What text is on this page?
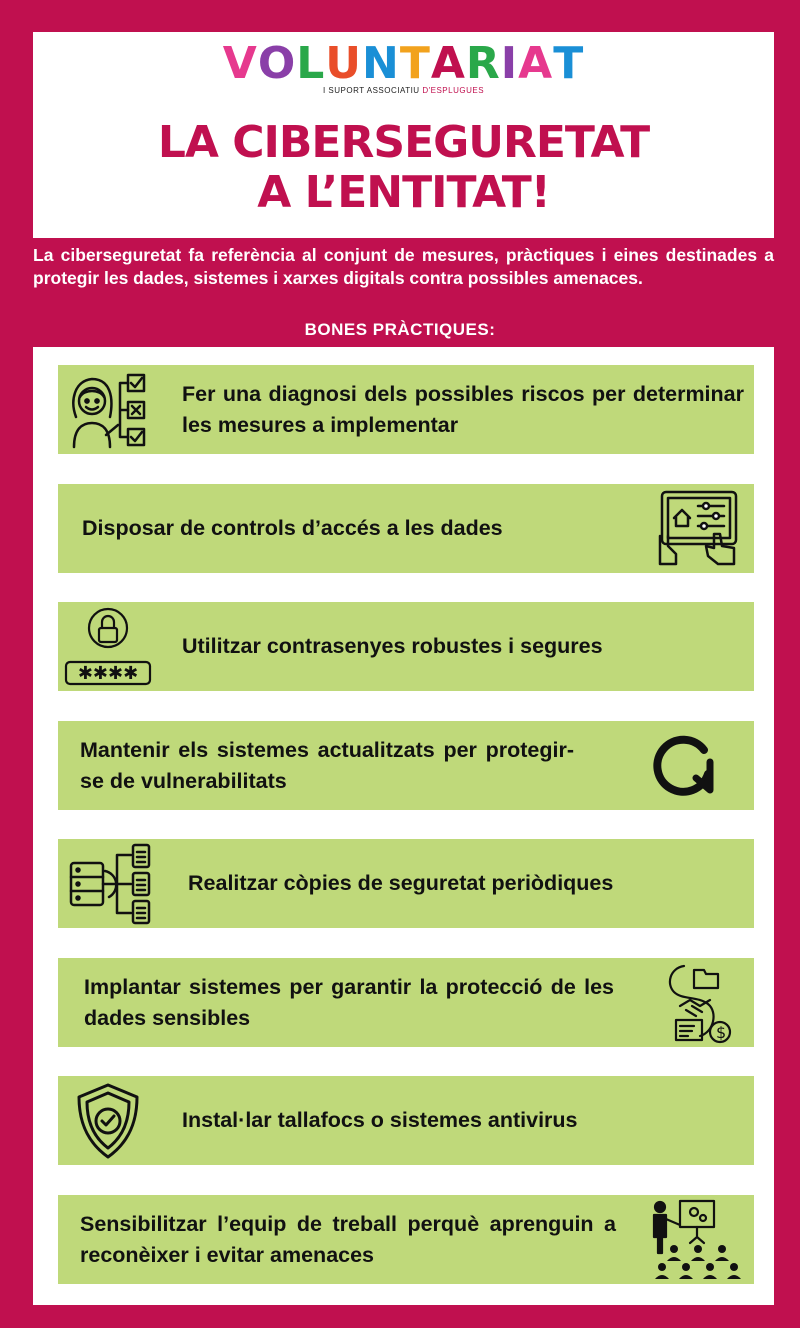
VOLUNTARIAT
I SUPORT ASSOCIATIU D'ESPLUGUES
LA CIBERSEGURETAT
A L’ENTITAT!
La ciberseguretat fa referència al conjunt de mesures, pràctiques i eines destinades a protegir les dades, sistemes i xarxes digitals contra possibles amenaces.
BONES PRÀCTIQUES:
Fer una diagnosi dels possibles riscos per determinar les mesures a implementar
Disposar de controls d’accés a les dades
✱✱✱✱
Utilitzar contrasenyes robustes i segures
Mantenir els sistemes actualitzats per protegir-se de vulnerabilitats
Realitzar còpies de seguretat periòdiques
Implantar sistemes per garantir la protecció de les dades sensibles
$
Instal·lar tallafocs o sistemes antivirus
Sensibilitzar l’equip de treball perquè aprenguin a reconèixer i evitar amenaces
